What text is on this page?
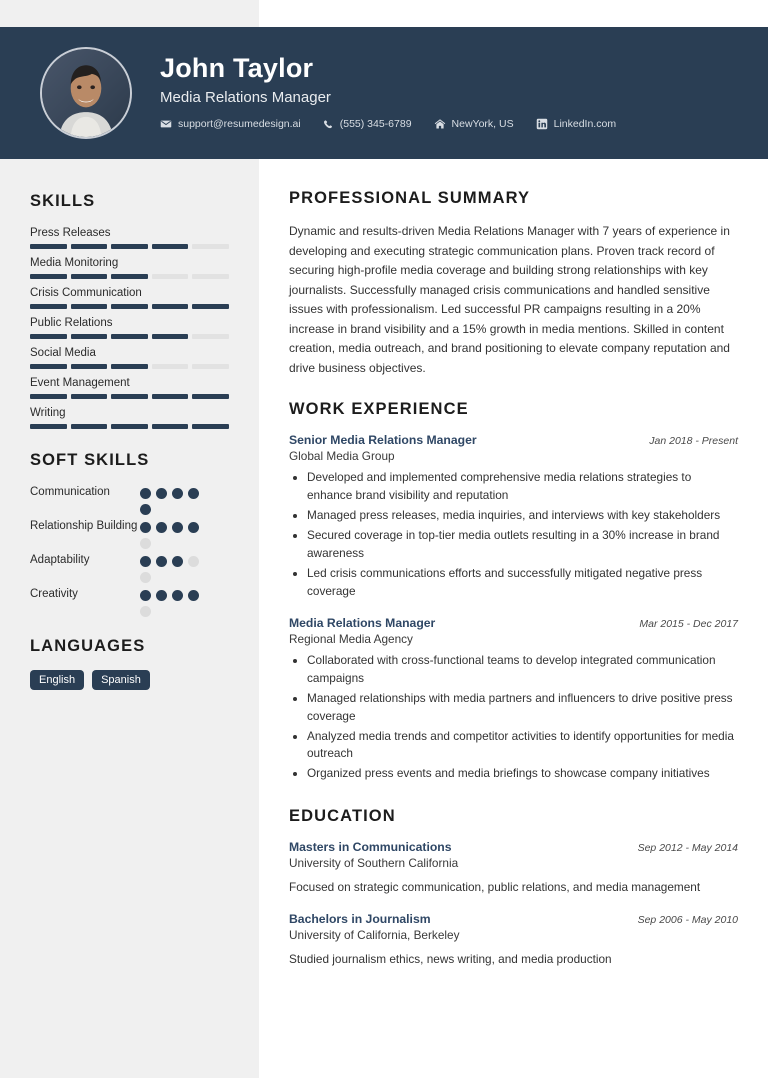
John Taylor
Media Relations Manager
support@resumedesign.ai	(555) 345-6789	NewYork, US	LinkedIn.com
SKILLS
Press Releases
Media Monitoring
Crisis Communication
Public Relations
Social Media
Event Management
Writing
SOFT SKILLS
Communication
Relationship Building
Adaptability
Creativity
LANGUAGES
English	Spanish
PROFESSIONAL SUMMARY
Dynamic and results-driven Media Relations Manager with 7 years of experience in developing and executing strategic communication plans. Proven track record of securing high-profile media coverage and building strong relationships with key journalists. Successfully managed crisis communications and handled sensitive issues with professionalism. Led successful PR campaigns resulting in a 20% increase in brand visibility and a 15% growth in media mentions. Skilled in content creation, media outreach, and brand positioning to elevate company reputation and drive business objectives.
WORK EXPERIENCE
Senior Media Relations Manager	Jan 2018 - Present
Global Media Group
• Developed and implemented comprehensive media relations strategies to enhance brand visibility and reputation
• Managed press releases, media inquiries, and interviews with key stakeholders
• Secured coverage in top-tier media outlets resulting in a 30% increase in brand awareness
• Led crisis communications efforts and successfully mitigated negative press coverage
Media Relations Manager	Mar 2015 - Dec 2017
Regional Media Agency
• Collaborated with cross-functional teams to develop integrated communication campaigns
• Managed relationships with media partners and influencers to drive positive press coverage
• Analyzed media trends and competitor activities to identify opportunities for media outreach
• Organized press events and media briefings to showcase company initiatives
EDUCATION
Masters in Communications	Sep 2012 - May 2014
University of Southern California
Focused on strategic communication, public relations, and media management
Bachelors in Journalism	Sep 2006 - May 2010
University of California, Berkeley
Studied journalism ethics, news writing, and media production
